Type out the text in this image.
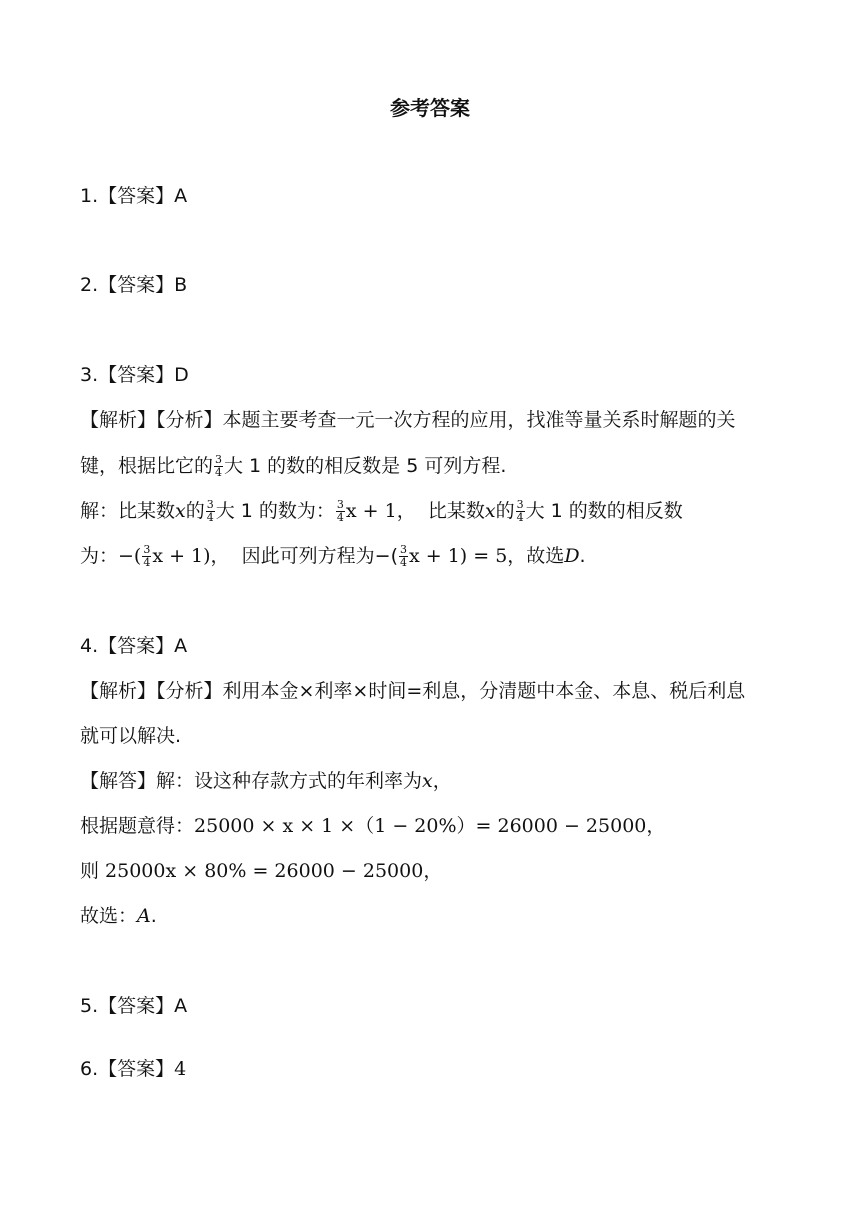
参考答案
1.【答案】A
2.【答案】B
3.【答案】D
【解析】【分析】本题主要考查一元一次方程的应用，找准等量关系时解题的关
键，根据比它的 $\frac{3}{4}$ 大 1 的数的相反数是 5 可列方程.
解：比某数x的 $\frac{3}{4}$ 大 1 的数为： $\frac{3}{4}$ x + 1， 比某数x的 $\frac{3}{4}$ 大 1 的数的相反数
为：−( $\frac{3}{4}$ x + 1)， 因此可列方程为−( $\frac{3}{4}$ x + 1) = 5，故选D.
4.【答案】A
【解析】【分析】利用本金×利率×时间=利息，分清题中本金、本息、税后利息
就可以解决.
【解答】解：设这种存款方式的年利率为x，
根据题意得：25000 × x × 1 ×（1 − 20%）= 26000 − 25000，
则 25000x × 80% = 26000 − 25000，
故选：A.
5.【答案】A
6.【答案】4
